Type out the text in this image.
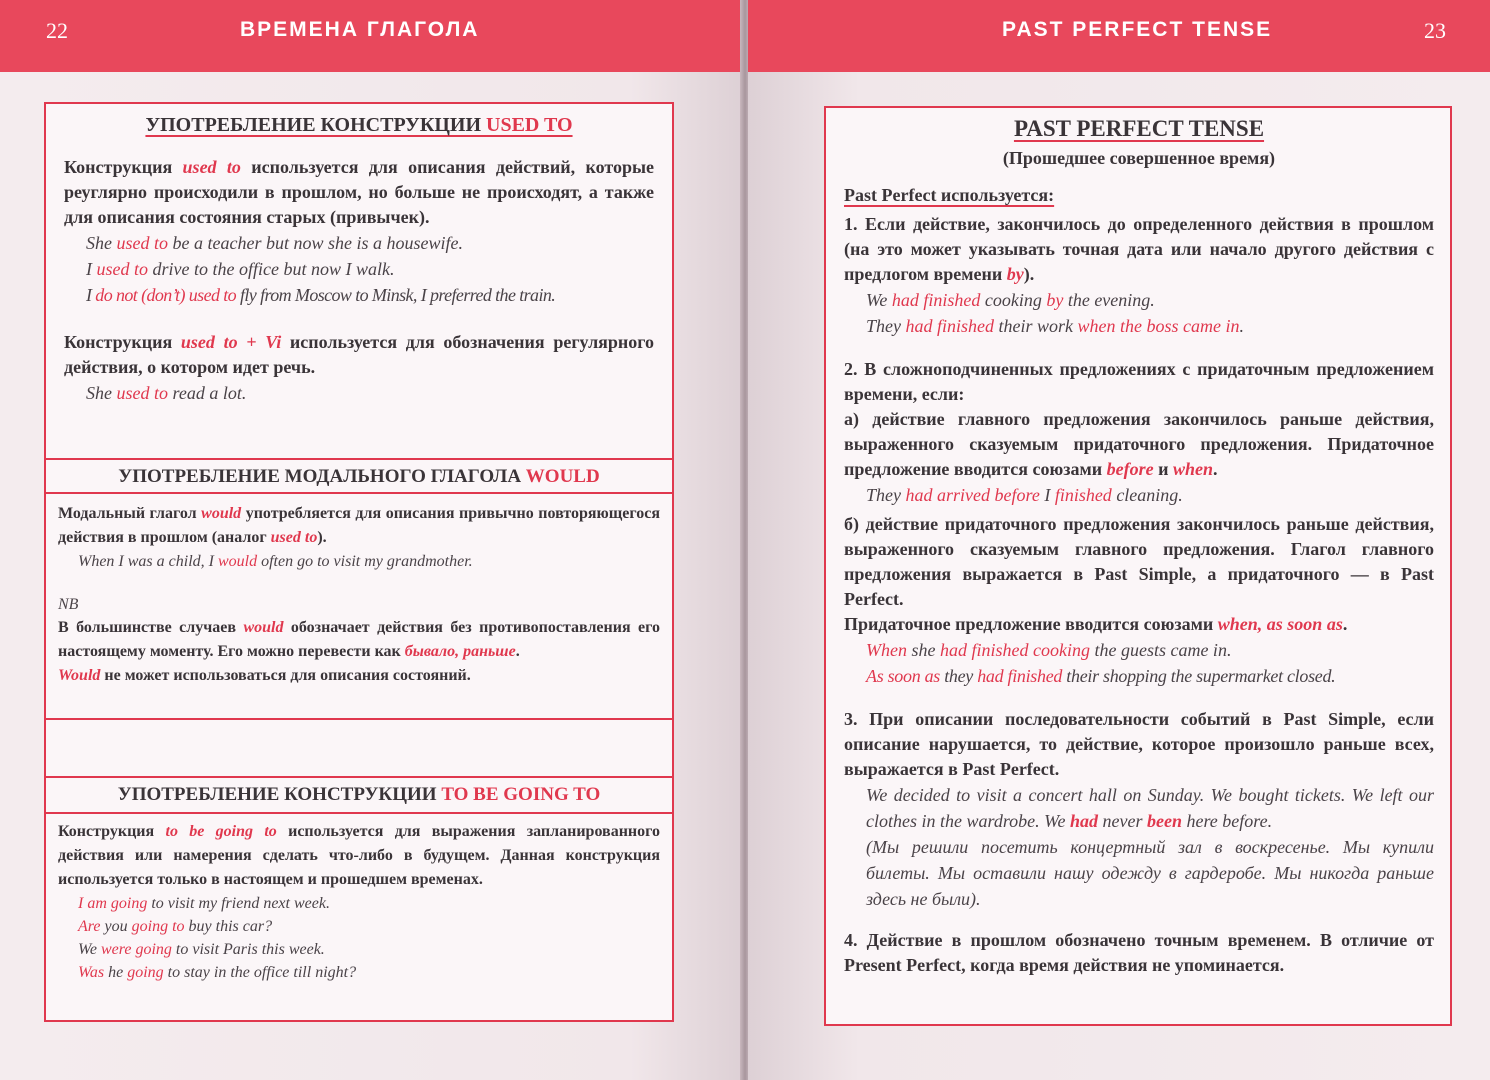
22	ВРЕМЕНА ГЛАГОЛА
УПОТРЕБЛЕНИЕ КОНСТРУКЦИИ USED TO

Конструкция used to используется для описания действий, которые реуглярно происходили в прошлом, но больше не происходят, а также для описания состояния старых (привычек).

She used to be a teacher but now she is a housewife.

I used to drive to the office but now I walk.

I do not (don’t) used to fly from Moscow to Minsk, I preferred the train.

Конструкция used to + Vi используется для обозначения регулярного действия, о котором идет речь.

She used to read a lot.

УПОТРЕБЛЕНИЕ МОДАЛЬНОГО ГЛАГОЛА WOULD

Модальный глагол would употребляется для описания привычно повторяющегося действия в прошлом (аналог used to).

When I was a child, I would often go to visit my grandmother.

NB

В большинстве случаев would обозначает действия без противопоставления его настоящему моменту. Его можно перевести как бывало, раньше.

Would не может использоваться для описания состояний.

УПОТРЕБЛЕНИЕ КОНСТРУКЦИИ TO BE GOING TO

Конструкция to be going to используется для выражения запланированного действия или намерения сделать что-либо в будущем. Данная конструкция используется только в настоящем и прошедшем временах.

I am going to visit my friend next week.

Are you going to buy this car?

We were going to visit Paris this week.

Was he going to stay in the office till night?

PAST PERFECT TENSE	23
PAST PERFECT TENSE
(Прошедшее совершенное время)

Past Perfect используется:

1. Если действие, закончилось до определенного действия в прошлом (на это может указывать точная дата или начало другого действия с предлогом времени by).

We had finished cooking by the evening.

They had finished their work when the boss came in.

2. В сложноподчиненных предложениях с придаточным предложением времени, если:

а) действие главного предложения закончилось раньше действия, выраженного сказуемым придаточного предложения. Придаточное предложение вводится союзами before и when.

They had arrived before I finished cleaning.

б) действие придаточного предложения закончилось раньше действия, выраженного сказуемым главного предложения. Глагол главного предложения выражается в Past Simple, а придаточного — в Past Perfect.

Придаточное предложение вводится союзами when, as soon as.

When she had finished cooking the guests came in.

As soon as they had finished their shopping the supermarket closed.

3. При описании последовательности событий в Past Simple, если описание нарушается, то действие, которое произошло раньше всех, выражается в Past Perfect.

We decided to visit a concert hall on Sunday. We bought tickets. We left our clothes in the wardrobe. We had never been here before.

(Мы решили посетить концертный зал в воскресенье. Мы купили билеты. Мы оставили нашу одежду в гардеробе. Мы никогда раньше здесь не были).

4. Действие в прошлом обозначено точным временем. В отличие от Present Perfect, когда время действия не упоминается.
